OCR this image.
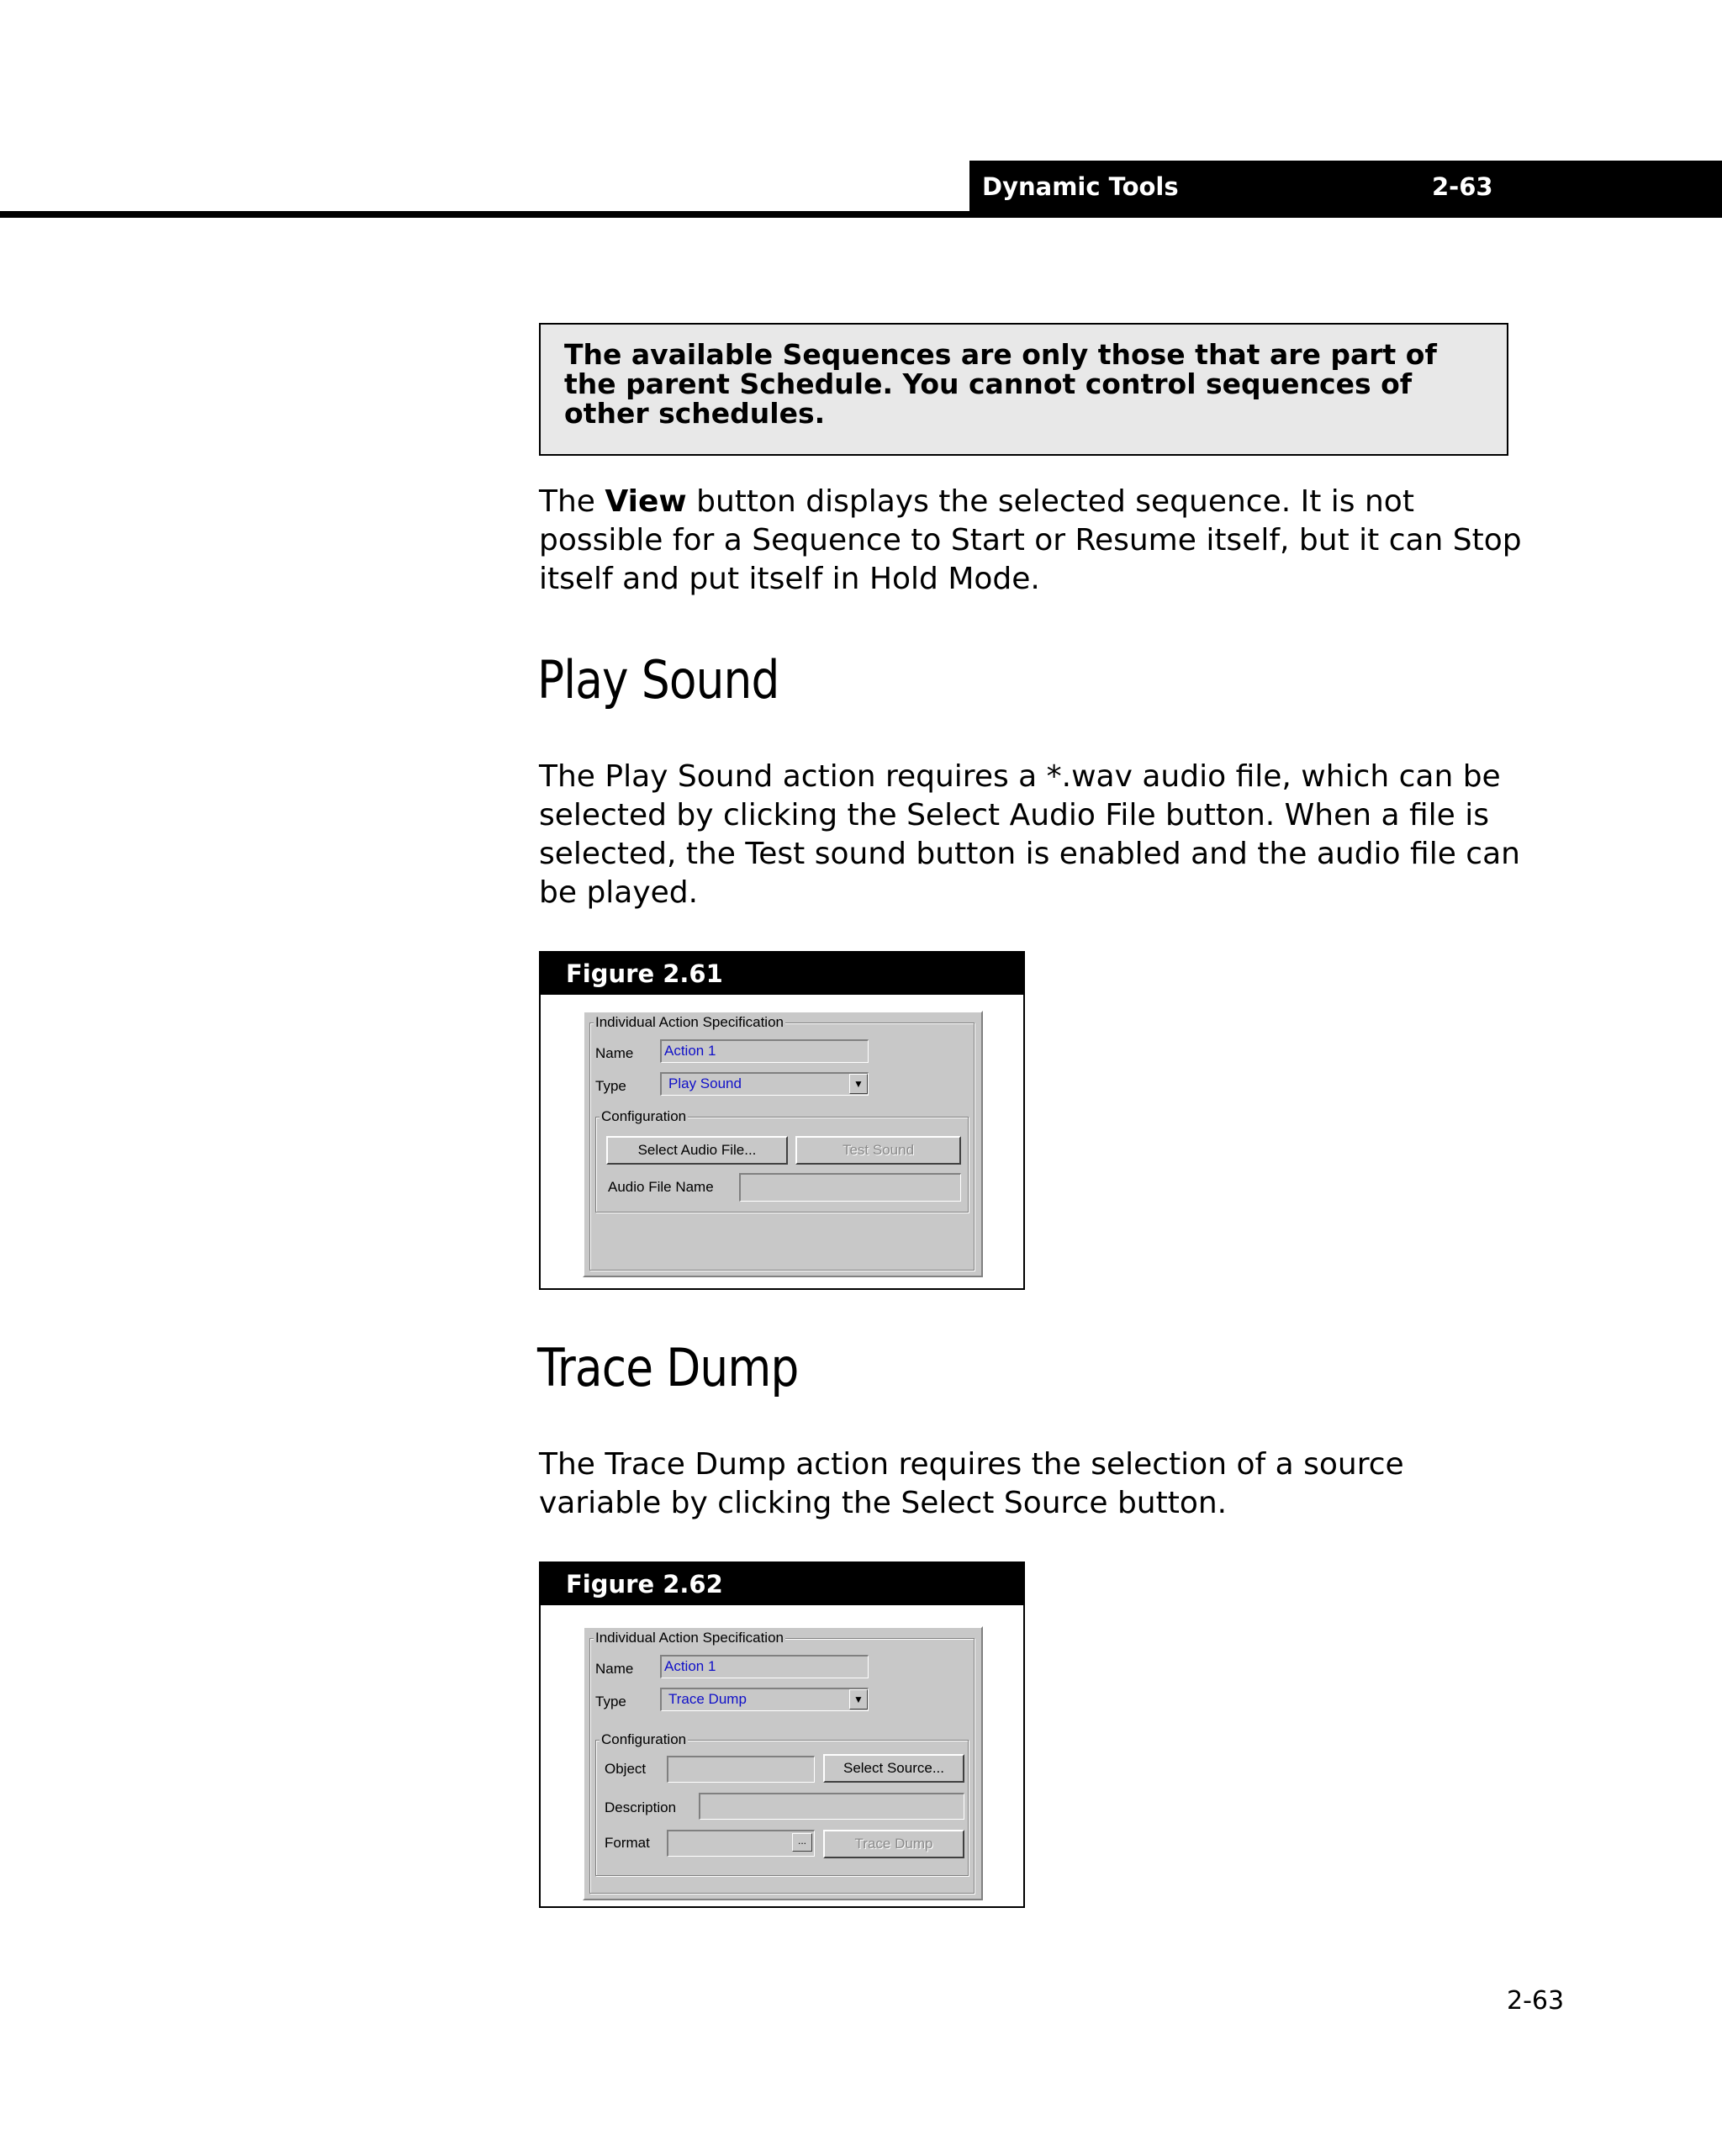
Dynamic Tools	2-63
The available Sequences are only those that are part of the parent Schedule. You cannot control sequences of other schedules.

The View button displays the selected sequence. It is not possible for a Sequence to Start or Resume itself, but it can Stop itself and put itself in Hold Mode.

Play Sound

The Play Sound action requires a *.wav audio file, which can be selected by clicking the Select Audio File button. When a file is selected, the Test sound button is enabled and the audio file can be played.

Figure 2.61
Individual Action Specification
Name Action 1
Type	Play Sound	▼
Configuration
Select Audio File...	Test Sound
Audio File Name
Trace Dump

The Trace Dump action requires the selection of a source variable by clicking the Select Source button.

Figure 2.62
Individual Action Specification
Name Action 1
Type	Trace Dump	▼
Configuration
Object	Select Source...
Description
Format	...	Trace Dump
2-63
